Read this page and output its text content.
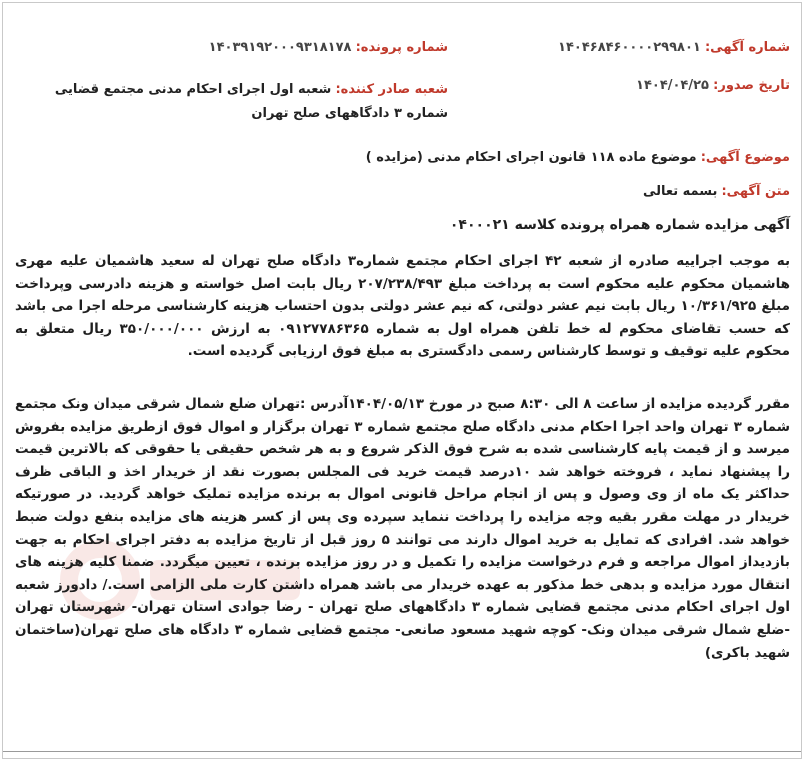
شماره آگهی: ۱۴۰۴۶۸۴۶۰۰۰۰۲۹۹۸۰۱
شماره پرونده: ۱۴۰۳۹۱۹۲۰۰۰۹۳۱۸۱۷۸
تاریخ صدور: ۱۴۰۴/۰۴/۲۵
شعبه صادر کننده: شعبه اول اجرای احکام مدنی مجتمع قضایی شماره ۳ دادگاههای صلح تهران
موضوع آگهی: موضوع ماده ۱۱۸ قانون اجرای احکام مدنی (مزایده )
متن آگهی: بسمه تعالی
آگهی مزایده شماره همراه پرونده کلاسه ۰۴۰۰۰۲۱
به موجب اجراییه صادره از شعبه ۴۲ اجرای احکام مجتمع شماره۳ دادگاه صلح تهران له سعید هاشمیان علیه مهری هاشمیان محکوم علیه محکوم است به پرداخت مبلغ ۲۰۷/۲۳۸/۴۹۳ ریال بابت اصل خواسته و هزینه دادرسی وپرداخت مبلغ ۱۰/۳۶۱/۹۲۵ ریال بابت نیم عشر دولتی، که نیم عشر دولتی بدون احتساب هزینه کارشناسی مرحله اجرا می باشد که حسب تقاضای محکوم له خط تلفن همراه اول به شماره ۰۹۱۲۷۷۸۶۳۶۵ به ارزش ۳۵۰/۰۰۰/۰۰۰ ریال متعلق به محکوم علیه توقیف و توسط کارشناس رسمی دادگستری به مبلغ فوق ارزیابی گردیده است.
مقرر گردیده مزایده از ساعت ۸ الی ۸:۳۰ صبح در مورخ ۱۴۰۴/۰۵/۱۳آدرس :تهران ضلع شمال شرقی میدان ونک مجتمع شماره ۳ تهران واحد اجرا احکام مدنی دادگاه صلح مجتمع شماره ۳ تهران برگزار و اموال فوق ازطریق مزایده بفروش میرسد و از قیمت پایه کارشناسی شده به شرح فوق الذکر شروع و به هر شخص حقیقی یا حقوقی که بالاترین قیمت را پیشنهاد نماید ، فروخته خواهد شد ۱۰درصد قیمت خرید فی المجلس بصورت نقد از خریدار اخذ و الباقی ظرف حداکثر یک ماه از وی وصول و پس از انجام مراحل قانونی اموال به برنده مزایده تملیک خواهد گردید. در صورتیکه خریدار در مهلت مقرر بقیه وجه مزایده را پرداخت ننماید سپرده وی پس از کسر هزینه های مزایده بنفع دولت ضبط خواهد شد. افرادی که تمایل به خرید اموال دارند می توانند ۵ روز قبل از تاریخ مزایده به دفتر اجرای احکام به جهت بازدیداز اموال مراجعه و فرم درخواست مزایده را تکمیل و در روز مزایده برنده ، تعیین میگردد. ضمنا کلیه هزینه های انتقال مورد مزایده و بدهی خط مذکور به عهده خریدار می باشد همراه داشتن کارت ملی الزامی است./ دادورز شعبه اول اجرای احکام مدنی مجتمع قضایی شماره ۳ دادگاههای صلح تهران - رضا جوادی استان تهران- شهرستان تهران -ضلع شمال شرقی میدان ونک- کوچه شهید مسعود صانعی- مجتمع قضایی شماره ۳ دادگاه های صلح تهران(ساختمان شهید باکری)
